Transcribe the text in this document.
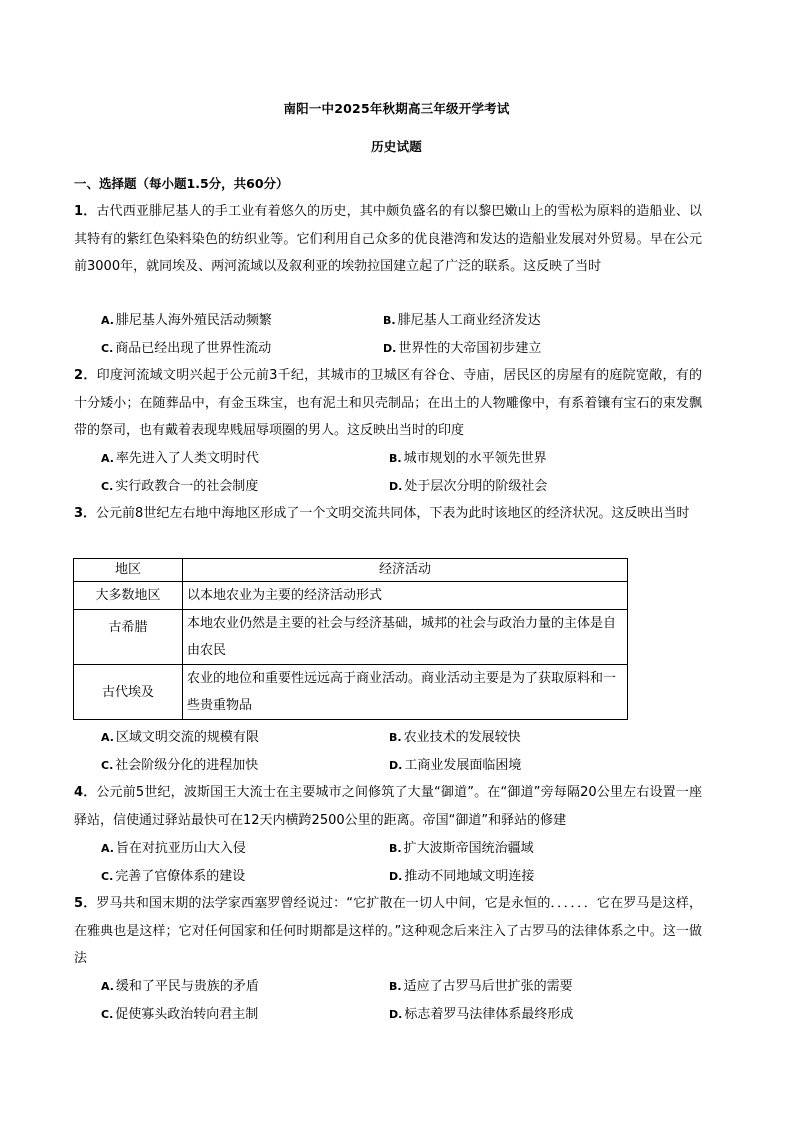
南阳一中2025年秋期高三年级开学考试
历史试题
一、选择题（每小题1.5分，共60分）
1．古代西亚腓尼基人的手工业有着悠久的历史，其中颇负盛名的有以黎巴嫩山上的雪松为原料的造船业、以其特有的紫红色染料染色的纺织业等。它们利用自己众多的优良港湾和发达的造船业发展对外贸易。早在公元前3000年，就同埃及、两河流域以及叙利亚的埃勃拉国建立起了广泛的联系。这反映了当时
A. 腓尼基人海外殖民活动频繁	B. 腓尼基人工商业经济发达
C. 商品已经出现了世界性流动	D. 世界性的大帝国初步建立
2．印度河流域文明兴起于公元前3千纪，其城市的卫城区有谷仓、寺庙，居民区的房屋有的庭院宽敞，有的十分矮小；在随葬品中，有金玉珠宝，也有泥土和贝壳制品；在出土的人物雕像中，有系着镶有宝石的束发飘带的祭司，也有戴着表现卑贱屈辱项圈的男人。这反映出当时的印度
A. 率先进入了人类文明时代	B. 城市规划的水平领先世界
C. 实行政教合一的社会制度	D. 处于层次分明的阶级社会
3．公元前8世纪左右地中海地区形成了一个文明交流共同体，下表为此时该地区的经济状况。这反映出当时
地区	经济活动
大多数地区	以本地农业为主要的经济活动形式
古希腊	本地农业仍然是主要的社会与经济基础，城邦的社会与政治力量的主体是自由农民
古代埃及	农业的地位和重要性远远高于商业活动。商业活动主要是为了获取原料和一些贵重物品
A. 区域文明交流的规模有限	B. 农业技术的发展较快
C. 社会阶级分化的进程加快	D. 工商业发展面临困境
4．公元前5世纪，波斯国王大流士在主要城市之间修筑了大量“御道”。在“御道”旁每隔20公里左右设置一座驿站，信使通过驿站最快可在12天内横跨2500公里的距离。帝国“御道”和驿站的修建
A. 旨在对抗亚历山大入侵	B. 扩大波斯帝国统治疆域
C. 完善了官僚体系的建设	D. 推动不同地域文明连接
5．罗马共和国末期的法学家西塞罗曾经说过：“它扩散在一切人中间，它是永恒的．．．．．．它在罗马是这样，在雅典也是这样；它对任何国家和任何时期都是这样的。”这种观念后来注入了古罗马的法律体系之中。这一做法
A. 缓和了平民与贵族的矛盾	B. 适应了古罗马后世扩张的需要
C. 促使寡头政治转向君主制	D. 标志着罗马法律体系最终形成
